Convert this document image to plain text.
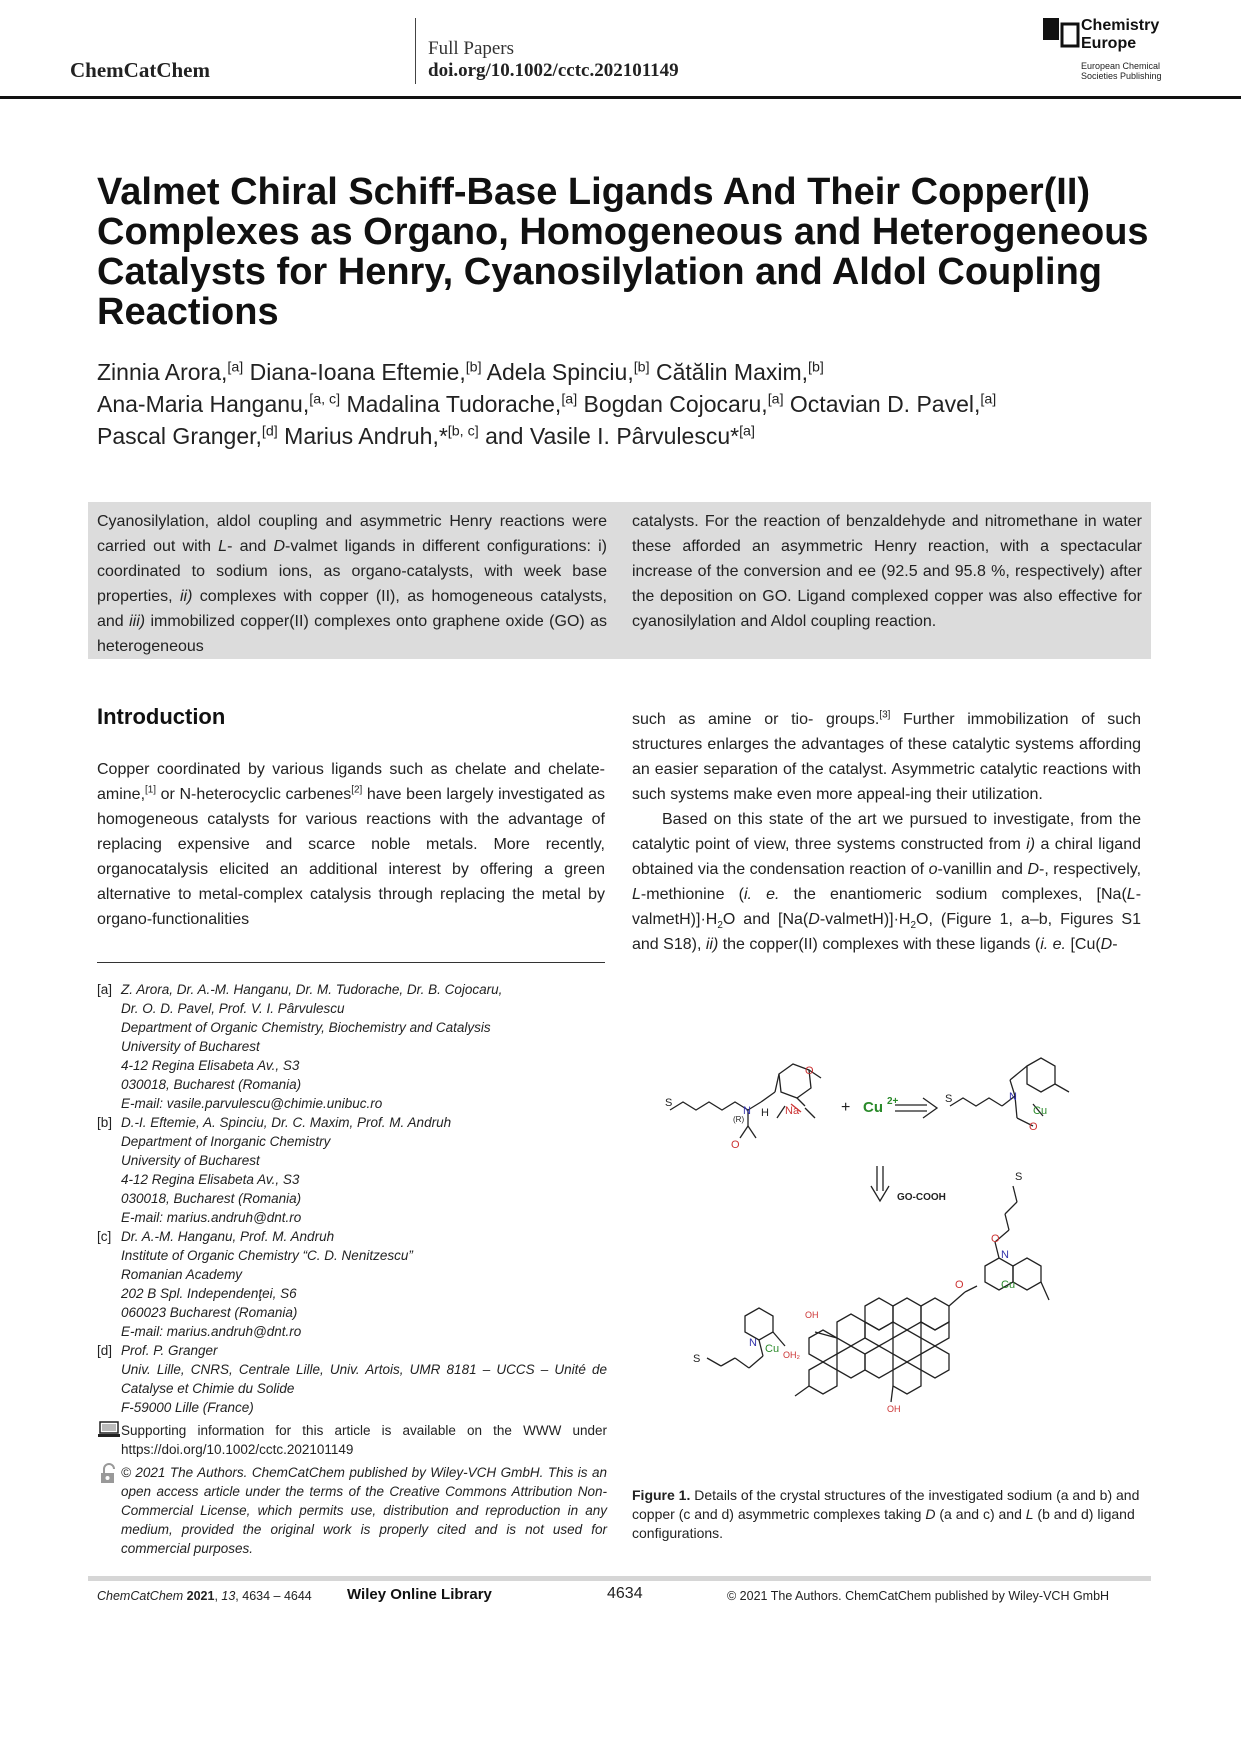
ChemCatChem
Full Papers
doi.org/10.1002/cctc.202101149
Chemistry
Europe
European Chemical
Societies Publishing
Valmet Chiral Schiff-Base Ligands And Their Copper(II)
Complexes as Organo, Homogeneous and Heterogeneous
Catalysts for Henry, Cyanosilylation and Aldol Coupling
Reactions
Zinnia Arora,[a] Diana-Ioana Eftemie,[b] Adela Spinciu,[b] Cătălin Maxim,[b]
Ana-Maria Hanganu,[a, c] Madalina Tudorache,[a] Bogdan Cojocaru,[a] Octavian D. Pavel,[a]
Pascal Granger,[d] Marius Andruh,*[b, c] and Vasile I. Pârvulescu*[a]
Cyanosilylation, aldol coupling and asymmetric Henry reactions were carried out with L- and D-valmet ligands in different configurations: i) coordinated to sodium ions, as organo-catalysts, with week base properties, ii) complexes with copper (II), as homogeneous catalysts, and iii) immobilized copper(II) complexes onto graphene oxide (GO) as heterogeneous
catalysts. For the reaction of benzaldehyde and nitromethane in water these afforded an asymmetric Henry reaction, with a spectacular increase of the conversion and ee (92.5 and 95.8 %, respectively) after the deposition on GO. Ligand complexed copper was also effective for cyanosilylation and Aldol coupling reaction.
Introduction
Copper coordinated by various ligands such as chelate and chelate-amine,[1] or N-heterocyclic carbenes[2] have been largely investigated as homogeneous catalysts for various reactions with the advantage of replacing expensive and scarce noble metals. More recently, organocatalysis elicited an additional interest by offering a green alternative to metal-complex catalysis through replacing the metal by organo-functionalities

such as amine or tio- groups.[3] Further immobilization of such structures enlarges the advantages of these catalytic systems affording an easier separation of the catalyst. Asymmetric catalytic reactions with such systems make even more appeal-ing their utilization.

Based on this state of the art we pursued to investigate, from the catalytic point of view, three systems constructed from i) a chiral ligand obtained via the condensation reaction of o-vanillin and D-, respectively, L-methionine (i. e. the enantiomeric sodium complexes, $[Na(L-valmetH)]\cdot H_2O$ and $[Na(D-valmetH)]\cdot H_2O$, (Figure 1, a–b, Figures S1 and S18), ii) the copper(II) complexes with these ligands (i. e. [Cu(D-

[a] Z. Arora, Dr. A.-M. Hanganu, Dr. M. Tudorache, Dr. B. Cojocaru,
Dr. O. D. Pavel, Prof. V. I. Pârvulescu
Department of Organic Chemistry, Biochemistry and Catalysis
University of Bucharest
4-12 Regina Elisabeta Av., S3
030018, Bucharest (Romania)
E-mail: vasile.parvulescu@chimie.unibuc.ro
[b] D.-I. Eftemie, A. Spinciu, Dr. C. Maxim, Prof. M. Andruh
Department of Inorganic Chemistry
University of Bucharest
4-12 Regina Elisabeta Av., S3
030018, Bucharest (Romania)
E-mail: marius.andruh@dnt.ro
[c] Dr. A.-M. Hanganu, Prof. M. Andruh
Institute of Organic Chemistry “C. D. Nenitzescu”
Romanian Academy
202 B Spl. Independenţei, S6
060023 Bucharest (Romania)
E-mail: marius.andruh@dnt.ro
[d] Prof. P. Granger
Univ. Lille, CNRS, Centrale Lille, Univ. Artois, UMR 8181 – UCCS – Unité de Catalyse et Chimie du Solide
F-59000 Lille (France)
Supporting information for this article is available on the WWW under https://doi.org/10.1002/cctc.202101149
© 2021 The Authors. ChemCatChem published by Wiley-VCH GmbH. This is an open access article under the terms of the Creative Commons Attribution Non-Commercial License, which permits use, distribution and reproduction in any medium, provided the original work is properly cited and is not used for commercial purposes.
Na
N H
(R)
O
O
S	+ Cu 2+
Cu
N
O
S
GO-COOH
S
Cu
N
O
O
Cu
N
OH₂
OH
OH
S
Figure 1. Details of the crystal structures of the investigated sodium (a and b) and copper (c and d) asymmetric complexes taking D (a and c) and L (b and d) ligand configurations.
ChemCatChem 2021, 13, 4634 – 4644 Wiley Online Library	4634	© 2021 The Authors. ChemCatChem published by Wiley-VCH GmbH
